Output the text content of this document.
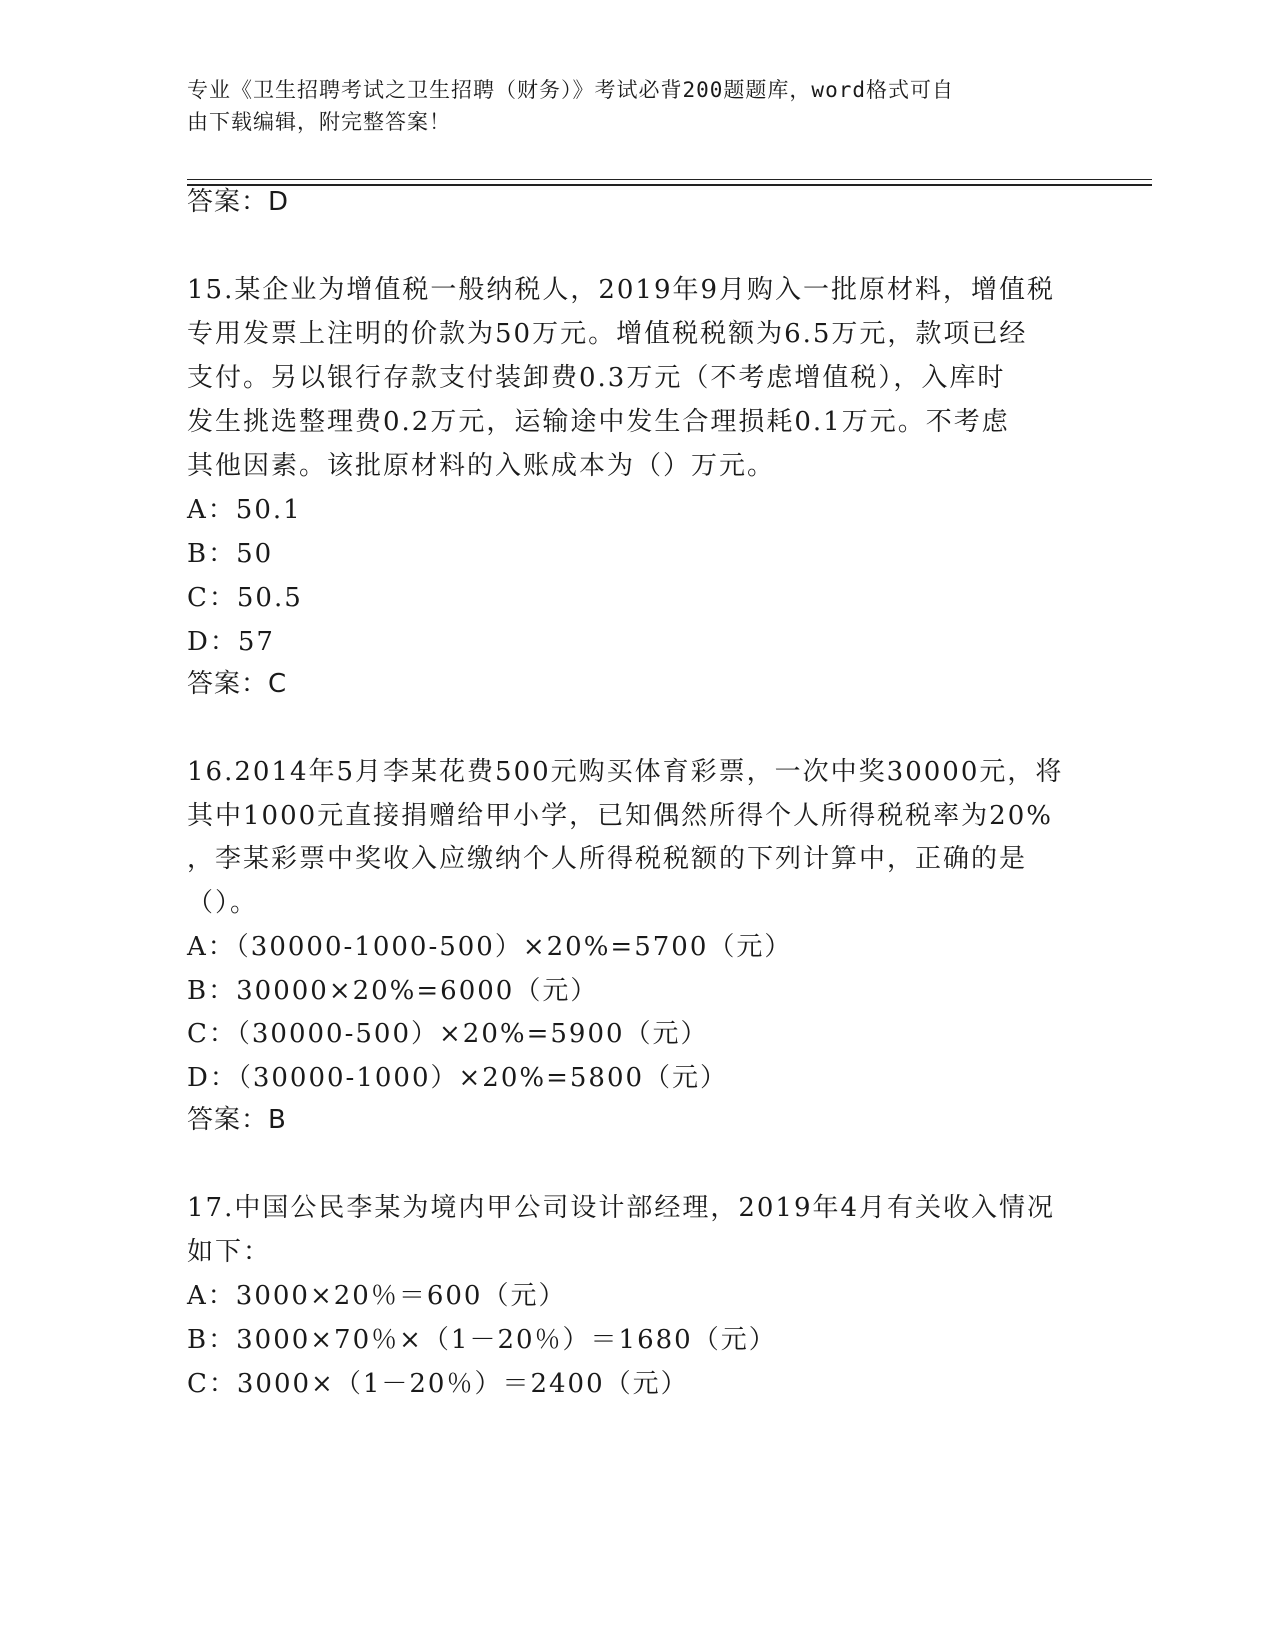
专业《卫生招聘考试之卫生招聘（财务）》考试必背200题题库，word格式可自
由下载编辑，附完整答案！
答案：D
15.某企业为增值税一般纳税人，2019年9月购入一批原材料，增值税
专用发票上注明的价款为50万元。增值税税额为6.5万元，款项已经
支付。另以银行存款支付装卸费0.3万元（不考虑增值税），入库时
发生挑选整理费0.2万元，运输途中发生合理损耗0.1万元。不考虑
其他因素。该批原材料的入账成本为（）万元。
A：50.1
B：50
C：50.5
D：57
答案：C
16.2014年5月李某花费500元购买体育彩票，一次中奖30000元，将
其中1000元直接捐赠给甲小学，已知偶然所得个人所得税税率为20%
，李某彩票中奖收入应缴纳个人所得税税额的下列计算中，正确的是
（）。
A：（30000-1000-500）×20%=5700（元）
B：30000×20%=6000（元）
C：（30000-500）×20%=5900（元）
D：（30000-1000）×20%=5800（元）
答案：B
17.中国公民李某为境内甲公司设计部经理，2019年4月有关收入情况
如下：
A：3000×20％＝600（元）
B：3000×70％×（1－20％）＝1680（元）
C：3000×（1－20％）＝2400（元）
